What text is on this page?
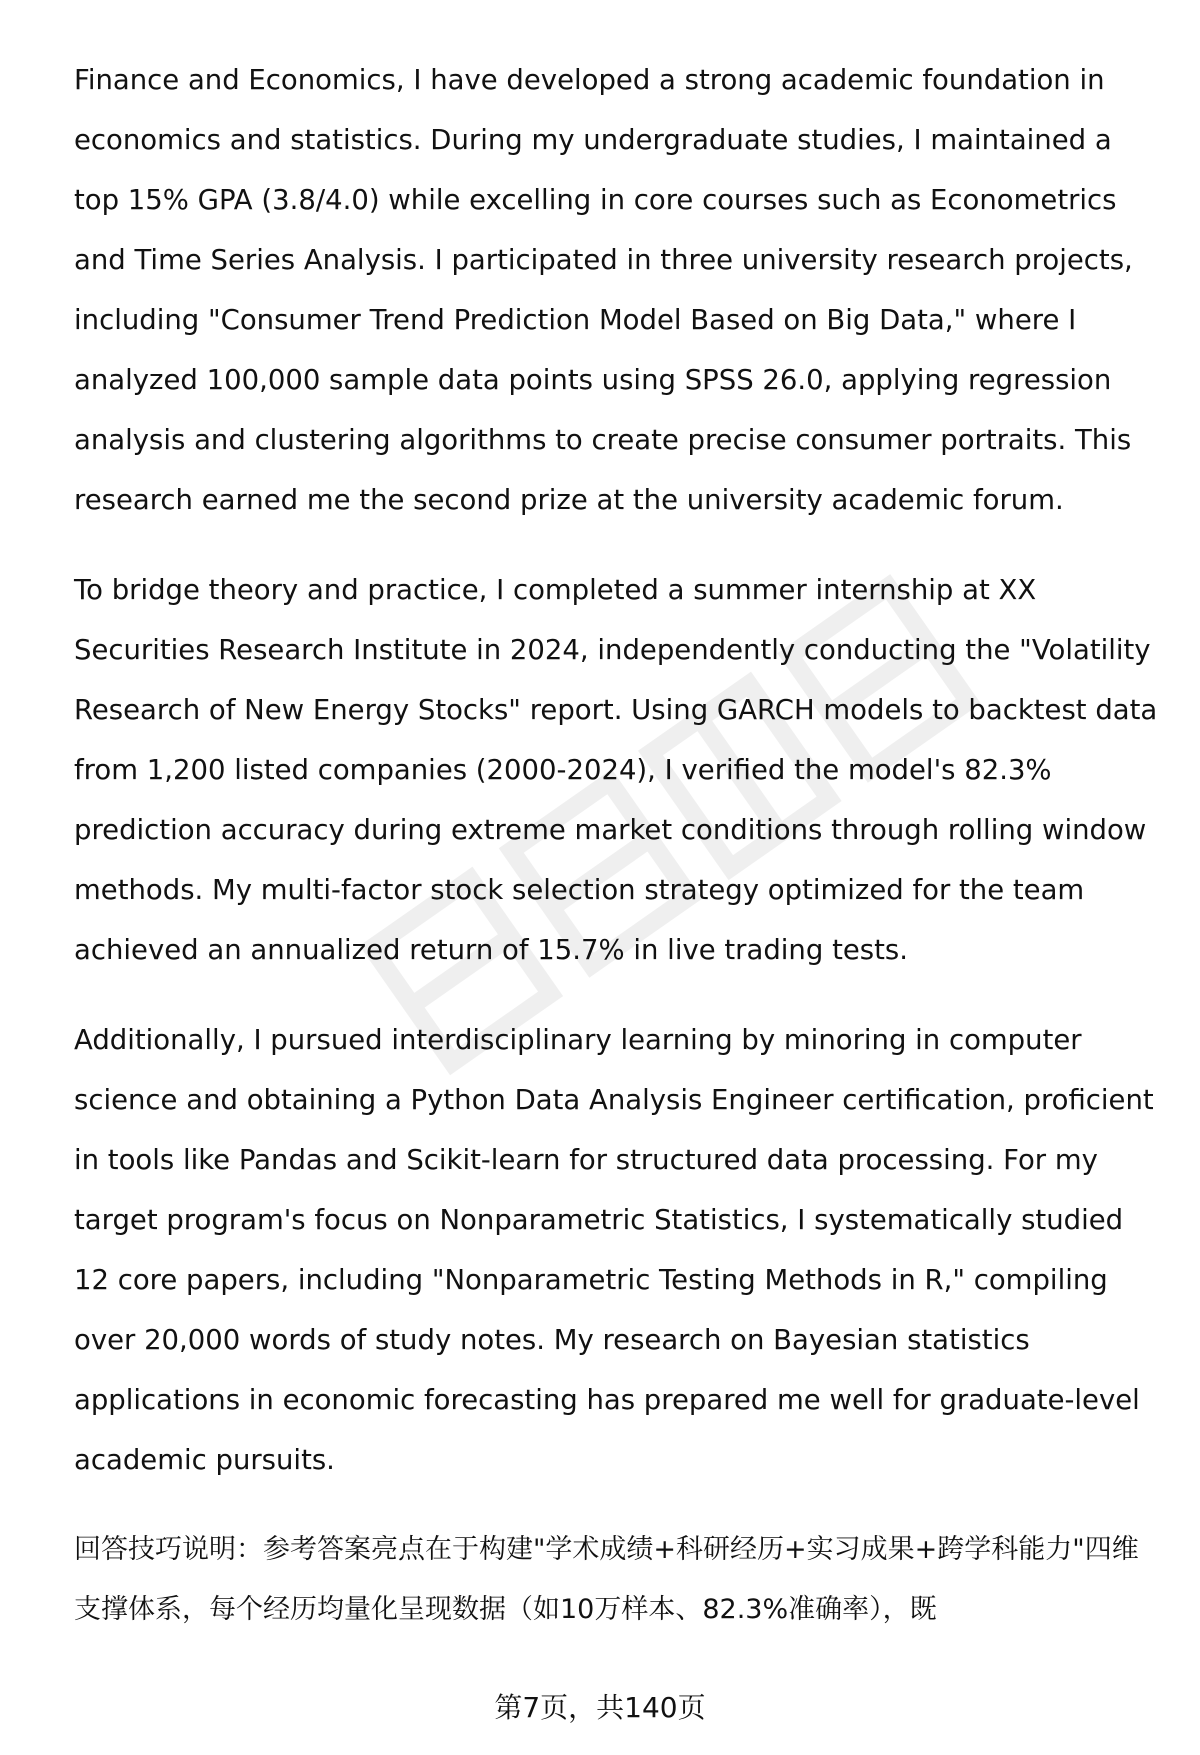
Finance and Economics, I have developed a strong academic foundation in economics and statistics. During my undergraduate studies, I maintained a top 15% GPA (3.8/4.0) while excelling in core courses such as Econometrics and Time Series Analysis. I participated in three university research projects, including "Consumer Trend Prediction Model Based on Big Data," where I analyzed 100,000 sample data points using SPSS 26.0, applying regression analysis and clustering algorithms to create precise consumer portraits. This research earned me the second prize at the university academic forum.

To bridge theory and practice, I completed a summer internship at XX Securities Research Institute in 2024, independently conducting the "Volatility Research of New Energy Stocks" report. Using GARCH models to backtest data from 1,200 listed companies (2000-2024), I verified the model's 82.3% prediction accuracy during extreme market conditions through rolling window methods. My multi-factor stock selection strategy optimized for the team achieved an annualized return of 15.7% in live trading tests.

Additionally, I pursued interdisciplinary learning by minoring in computer science and obtaining a Python Data Analysis Engineer certification, proficient in tools like Pandas and Scikit-learn for structured data processing. For my target program's focus on Nonparametric Statistics, I systematically studied 12 core papers, including "Nonparametric Testing Methods in R," compiling over 20,000 words of study notes. My research on Bayesian statistics applications in economic forecasting has prepared me well for graduate-level academic pursuits.

回答技巧说明：参考答案亮点在于构建"学术成绩+科研经历+实习成果+跨学科能力"四维支撑体系，每个经历均量化呈现数据（如10万样本、82.3%准确率），既

第7页，共140页
